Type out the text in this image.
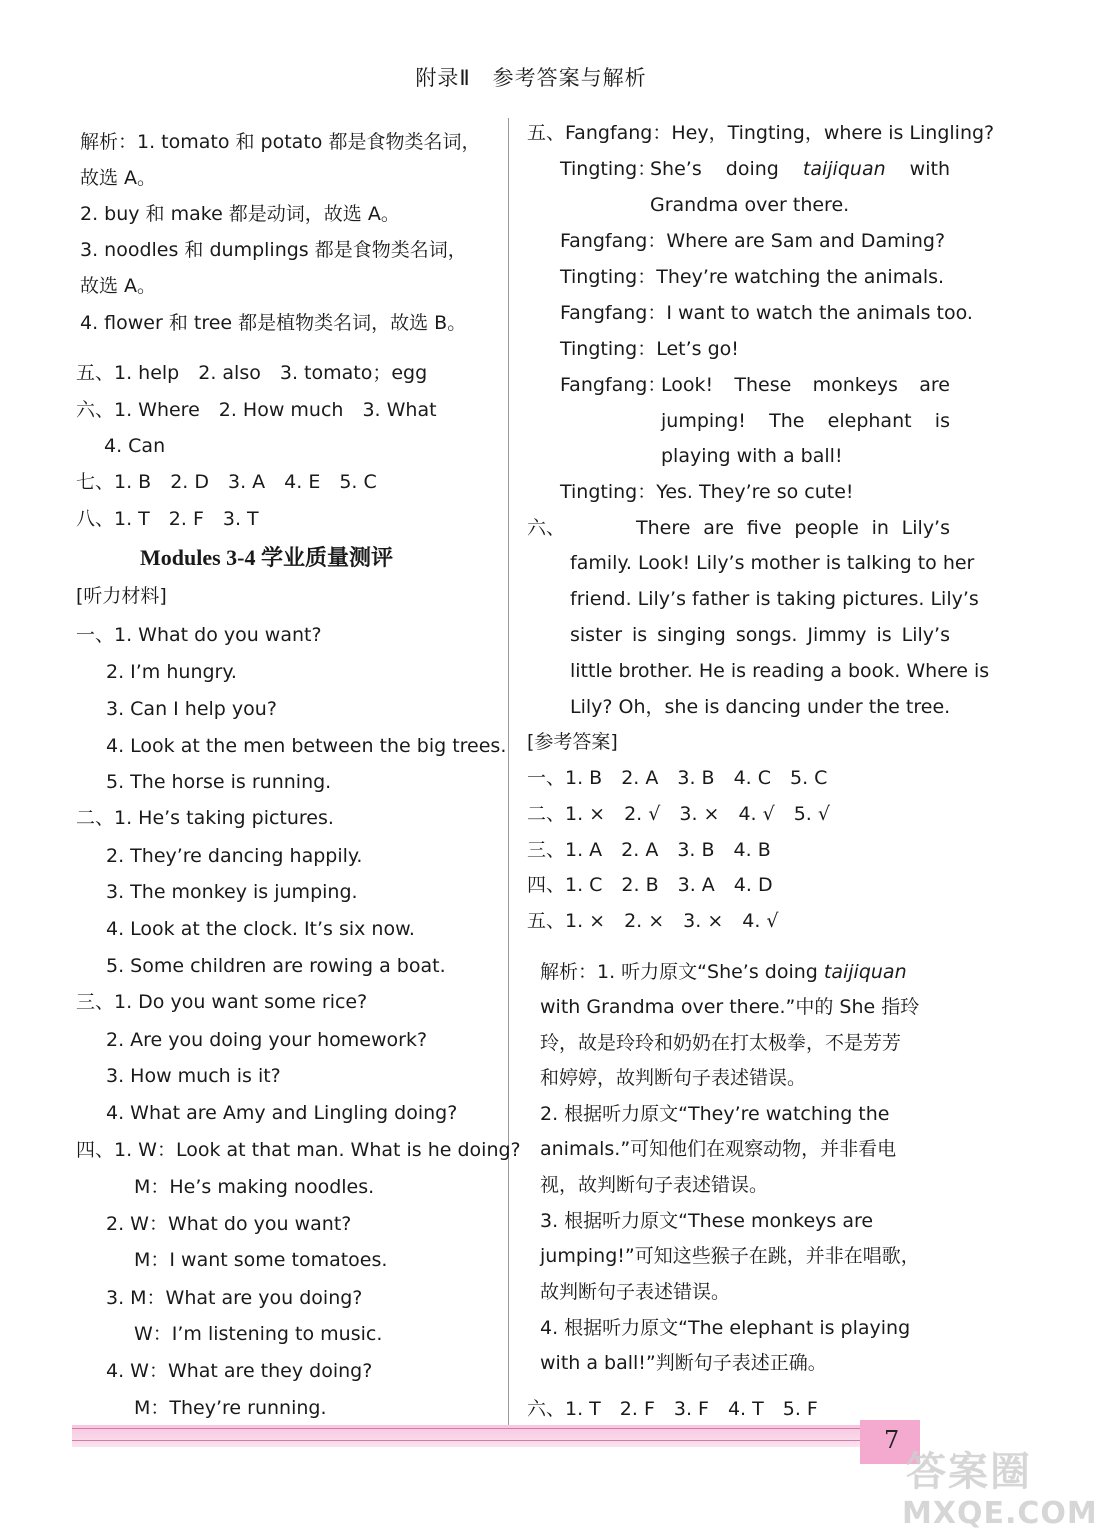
附录Ⅱ　参考答案与解析
解析：1. tomato 和 potato 都是食物类名词，
故选 A。
2. buy 和 make 都是动词，故选 A。
3. noodles 和 dumplings 都是食物类名词，
故选 A。
4. flower 和 tree 都是植物类名词，故选 B。
五、1. help　2. also　3. tomato；egg
六、1. Where　2. How much　3. What
4. Can
七、1. B　2. D　3. A　4. E　5. C
八、1. T　2. F　3. T
Modules 3-4 学业质量测评
[听力材料]
一、1. What do you want?
2. I’m hungry.
3. Can I help you?
4. Look at the men between the big trees.
5. The horse is running.
二、1. He’s taking pictures.
2. They’re dancing happily.
3. The monkey is jumping.
4. Look at the clock. It’s six now.
5. Some children are rowing a boat.
三、1. Do you want some rice?
2. Are you doing your homework?
3. How much is it?
4. What are Amy and Lingling doing?
四、1. W：Look at that man. What is he doing?
M：He’s making noodles.
2. W：What do you want?
M：I want some tomatoes.
3. M：What are you doing?
W：I’m listening to music.
4. W：What are they doing?
M：They’re running.
五、Fangfang：Hey，Tingting，where is Lingling?
Tingting：
She’s doing taijiquan with
Grandma over there.
Fangfang：Where are Sam and Daming?
Tingting：They’re watching the animals.
Fangfang：I want to watch the animals too.
Tingting：Let’s go!
Fangfang：
Look! These monkeys are
jumping! The elephant is
playing with a ball!
Tingting：Yes. They’re so cute!
六、	There are five people in Lily’s
family. Look! Lily’s mother is talking to her
friend. Lily’s father is taking pictures. Lily’s
sister is singing songs. Jimmy is Lily’s
little brother. He is reading a book. Where is
Lily? Oh，she is dancing under the tree.
[参考答案]
一、1. B　2. A　3. B　4. C　5. C
二、1. ×　2. √　3. ×　4. √　5. √
三、1. A　2. A　3. B　4. B
四、1. C　2. B　3. A　4. D
五、1. ×　2. ×　3. ×　4. √
解析：1. 听力原文“She’s doing taijiquan
with Grandma over there.”中的 She 指玲
玲，故是玲玲和奶奶在打太极拳，不是芳芳
和婷婷，故判断句子表述错误。
2. 根据听力原文“They’re watching the
animals.”可知他们在观察动物，并非看电
视，故判断句子表述错误。
3. 根据听力原文“These monkeys are
jumping!”可知这些猴子在跳，并非在唱歌，
故判断句子表述错误。
4. 根据听力原文“The elephant is playing
with a ball!”判断句子表述正确。
六、1. T　2. F　3. F　4. T　5. F
7
答案圈
MXQE.COM
